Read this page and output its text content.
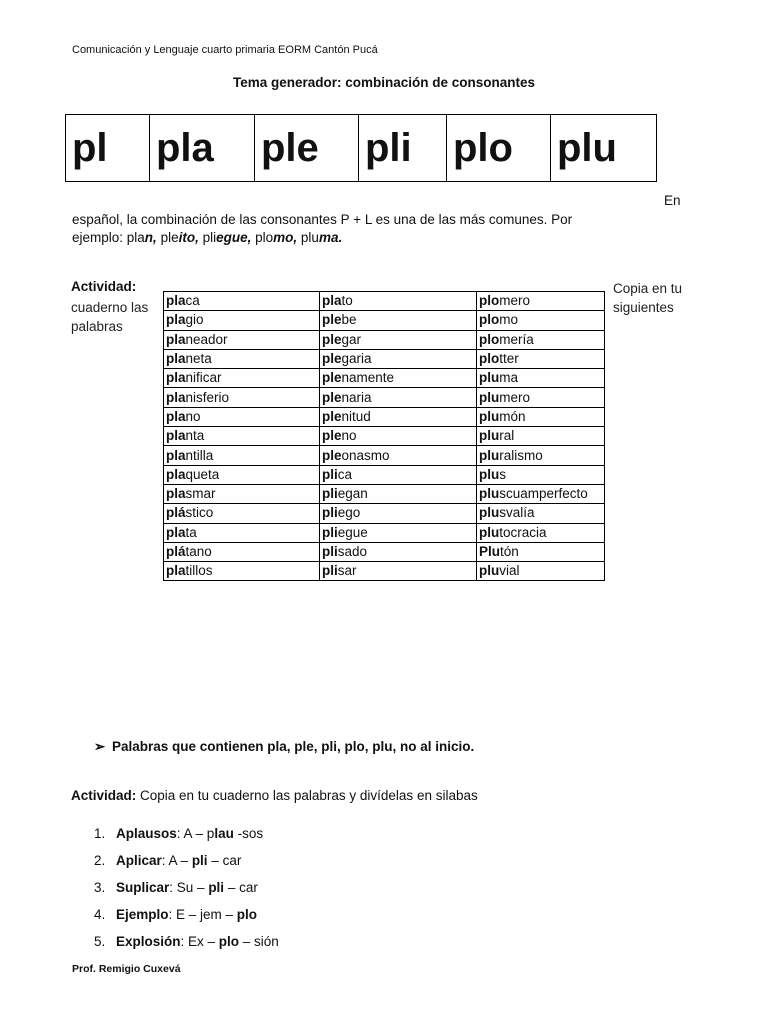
Comunicación y Lenguaje cuarto primaria EORM Cantón Pucá
Tema generador: combinación de consonantes
pl	pla	ple	pli	plo	plu
En
español, la combinación de las consonantes P + L es una de las más comunes. Por
ejemplo: plan, pleito, pliegue, plomo, pluma.
Actividad:
cuaderno las
palabras
Copia en tu
siguientes
placa	plato	plomero
plagio	plebe	plomo
planeador	plegar	plomería
planeta	plegaria	plotter
planificar	plenamente	pluma
planisferio	plenaria	plumero
plano	plenitud	plumón
planta	pleno	plural
plantilla	pleonasmo	pluralismo
plaqueta	plica	plus
plasmar	pliegan	pluscuamperfecto
plástico	pliego	plusvalía
plata	pliegue	plutocracia
plátano	plisado	Plutón
platillos	plisar	pluvial
➢ Palabras que contienen pla, ple, pli, plo, plu, no al inicio.
Actividad: Copia en tu cuaderno las palabras y divídelas en silabas
1. Aplausos: A – plau -sos
2. Aplicar: A – pli – car
3. Suplicar: Su – pli – car
4. Ejemplo: E – jem – plo
5. Explosión: Ex – plo – sión
Prof. Remigio Cuxevá
